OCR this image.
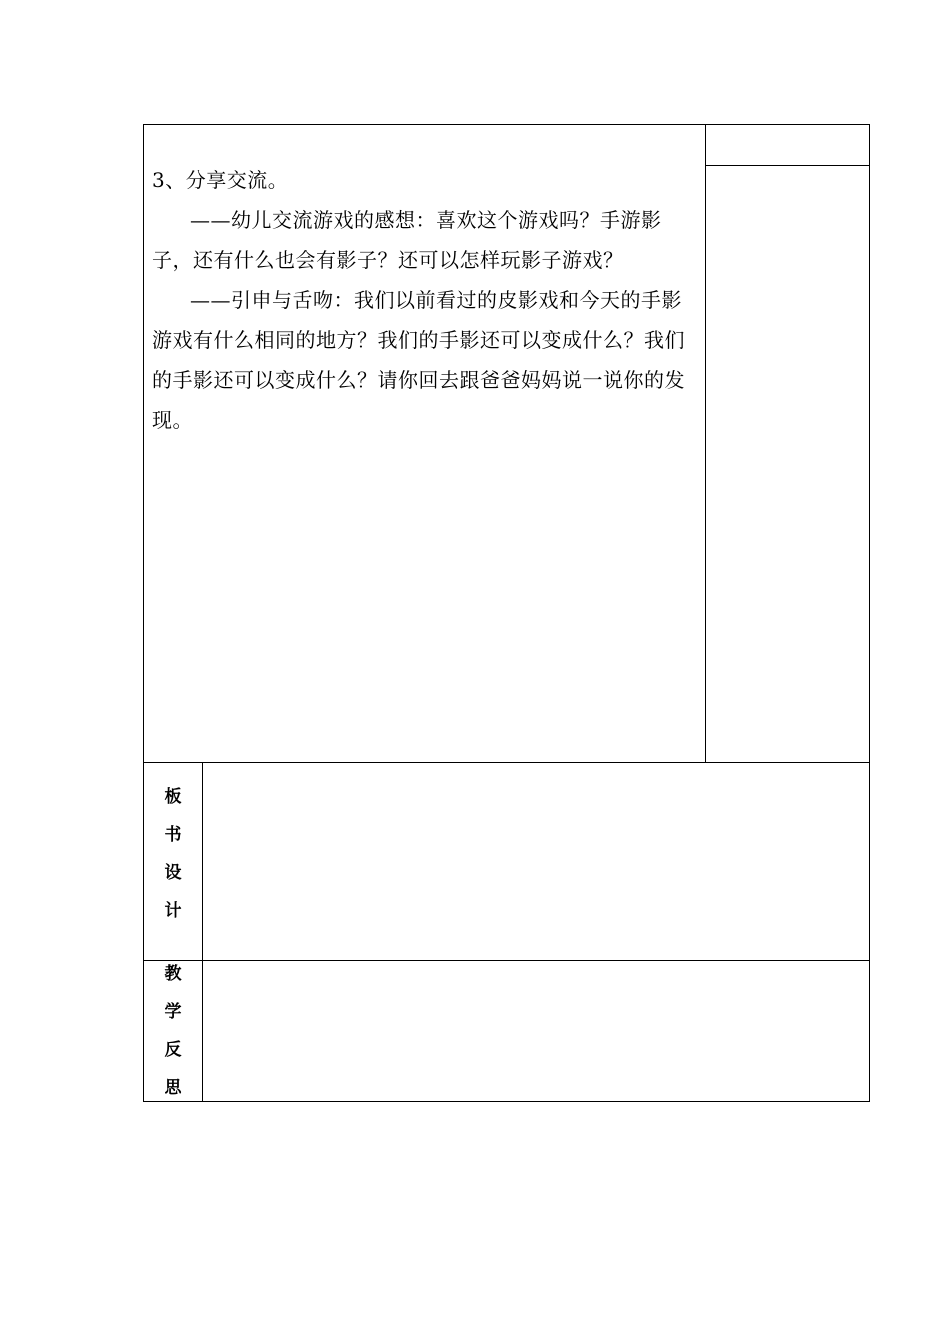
3、分享交流。

——幼儿交流游戏的感想：喜欢这个游戏吗？手游影子，还有什么也会有影子？还可以怎样玩影子游戏？

——引申与舌吻：我们以前看过的皮影戏和今天的手影游戏有什么相同的地方？我们的手影还可以变成什么？我们的手影还可以变成什么？请你回去跟爸爸妈妈说一说你的发现。

板
书
设
计
教
学
反
思
